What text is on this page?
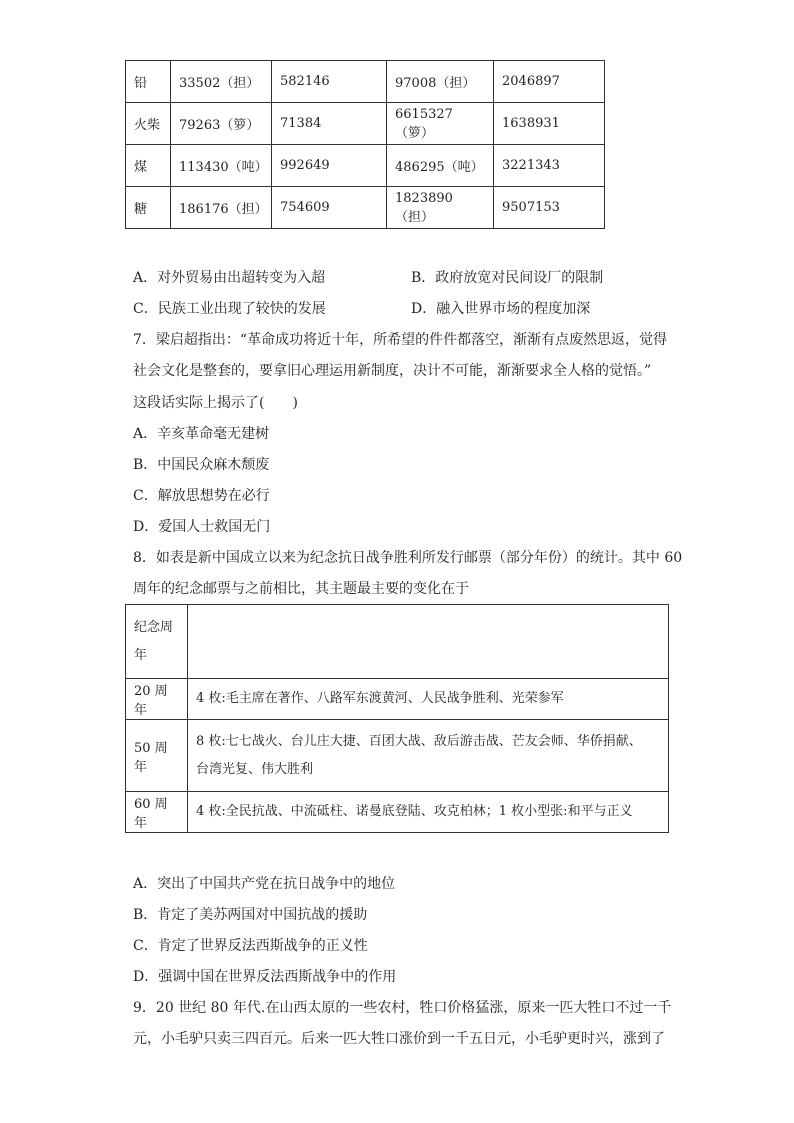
铅	33502（担）	582146	97008（担）	2046897
火柴	79263（箩）	71384	6615327（箩）	1638931
煤	113430（吨）	992649	486295（吨）	3221343
糖	186176（担）	754609	1823890（担）	9507153
A．对外贸易由出超转变为入超	B．政府放宽对民间设厂的限制
C．民族工业出现了较快的发展	D．融入世界市场的程度加深
7．梁启超指出：“革命成功将近十年，所希望的件件都落空，渐渐有点废然思返，觉得
社会文化是整套的，要拿旧心理运用新制度，决计不可能，渐渐要求全人格的觉悟。”
这段话实际上揭示了(　　)
A．辛亥革命毫无建树
B．中国民众麻木颓废
C．解放思想势在必行
D．爱国人士救国无门
8．如表是新中国成立以来为纪念抗日战争胜利所发行邮票（部分年份）的统计。其中 60
周年的纪念邮票与之前相比，其主题最主要的变化在于
纪念周
年	

20 周年	4 枚:毛主席在著作、八路军东渡黄河、人民战争胜利、光荣参军
50 周年	8 枚:七七战火、台儿庄大捷、百团大战、敌后游击战、芒友会师、华侨捐献、
台湾光复、伟大胜利

60 周年	4 枚:全民抗战、中流砥柱、诺曼底登陆、攻克柏林；1 枚小型张:和平与正义
A．突出了中国共产党在抗日战争中的地位
B．肯定了美苏两国对中国抗战的援助
C．肯定了世界反法西斯战争的正义性
D．强调中国在世界反法西斯战争中的作用
9．20 世纪 80 年代.在山西太原的一些农村，牲口价格猛涨，原来一匹大牲口不过一千
元，小毛驴只卖三四百元。后来一匹大牲口涨价到一千五日元，小毛驴更时兴，涨到了
